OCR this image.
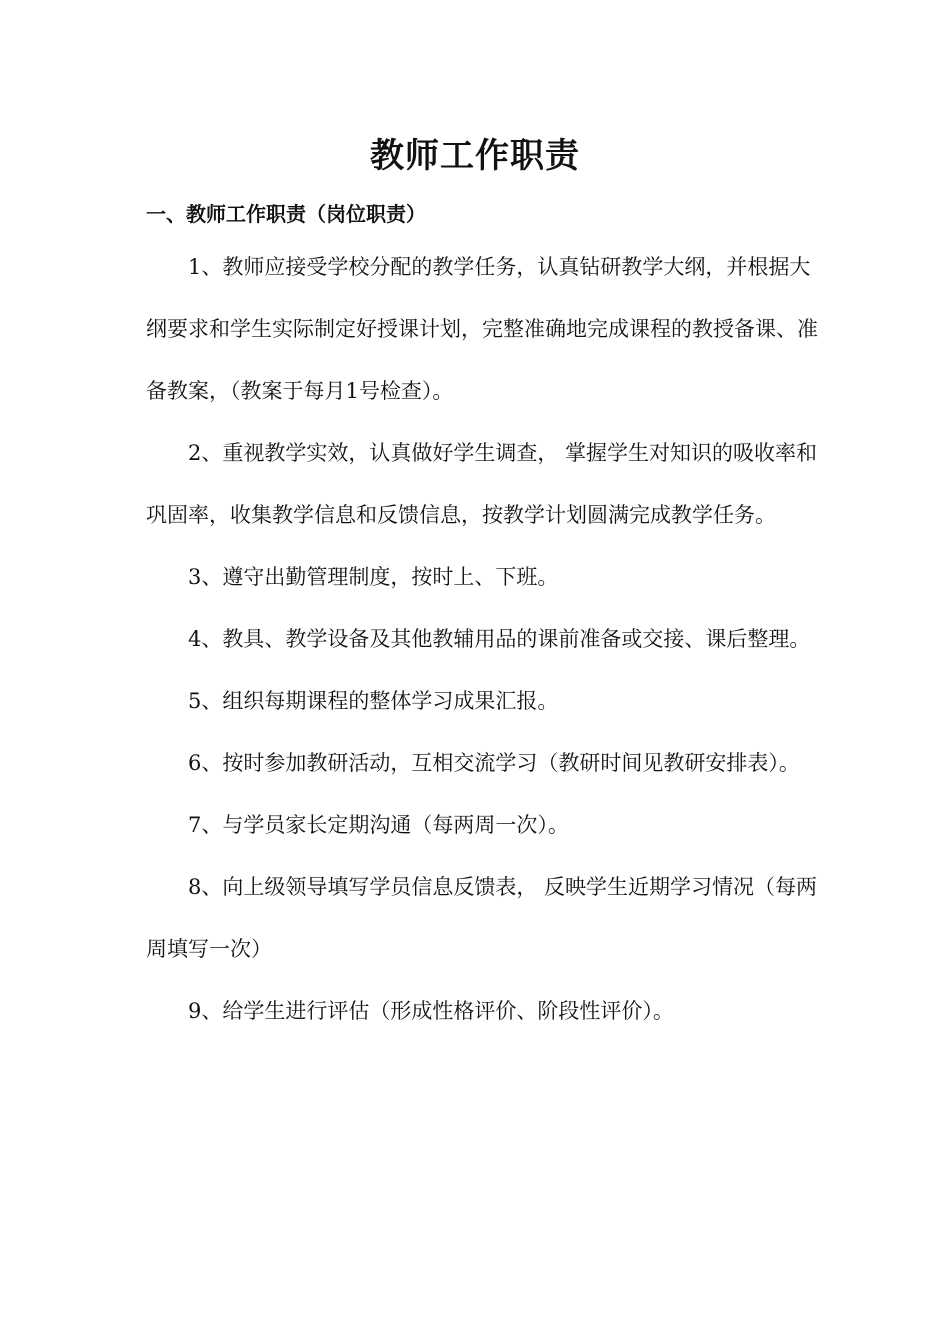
教师工作职责
一、教师工作职责（岗位职责）

1、教师应接受学校分配的教学任务，认真钻研教学大纲，并根据大纲要求和学生实际制定好授课计划，完整准确地完成课程的教授备课、准备教案，（教案于每月1号检查）。

2、重视教学实效，认真做好学生调查， 掌握学生对知识的吸收率和巩固率，收集教学信息和反馈信息，按教学计划圆满完成教学任务。

3、遵守出勤管理制度，按时上、下班。

4、教具、教学设备及其他教辅用品的课前准备或交接、课后整理。

5、组织每期课程的整体学习成果汇报。

6、按时参加教研活动，互相交流学习（教研时间见教研安排表）。

7、与学员家长定期沟通（每两周一次）。

8、向上级领导填写学员信息反馈表， 反映学生近期学习情况（每两周填写一次）

9、给学生进行评估（形成性格评价、阶段性评价）。
